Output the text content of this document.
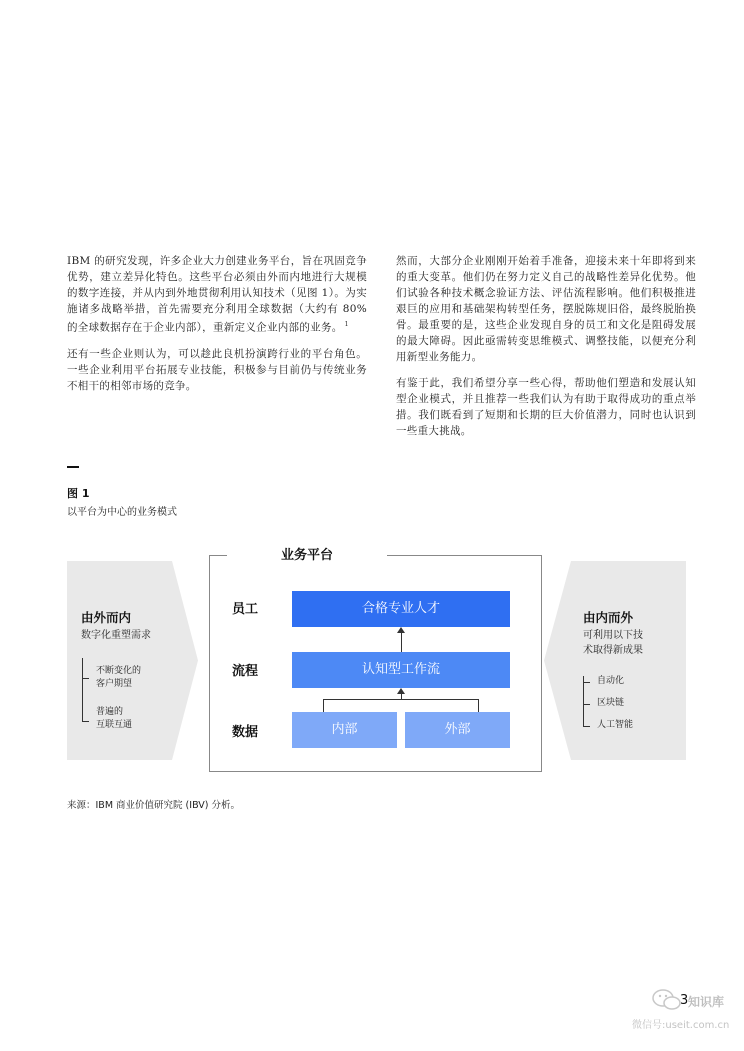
IBM 的研究发现，许多企业大力创建业务平台，旨在巩固竞争优势，建立差异化特色。这些平台必须由外而内地进行大规模的数字连接，并从内到外地贯彻利用认知技术（见图 1）。为实施诸多战略举措，首先需要充分利用全球数据（大约有 80% 的全球数据存在于企业内部），重新定义企业内部的业务。 $^1$

还有一些企业则认为，可以趁此良机扮演跨行业的平台角色。一些企业利用平台拓展专业技能，积极参与目前仍与传统业务不相干的相邻市场的竞争。

然而，大部分企业刚刚开始着手准备，迎接未来十年即将到来的重大变革。他们仍在努力定义自己的战略性差异化优势。他们试验各种技术概念验证方法、评估流程影响。他们积极推进艰巨的应用和基础架构转型任务，摆脱陈规旧俗，最终脱胎换骨。最重要的是，这些企业发现自身的员工和文化是阻碍发展的最大障碍。因此亟需转变思维模式、调整技能，以便充分利用新型业务能力。

有鉴于此，我们希望分享一些心得，帮助他们塑造和发展认知型企业模式，并且推荐一些我们认为有助于取得成功的重点举措。我们既看到了短期和长期的巨大价值潜力，同时也认识到一些重大挑战。

图 1
以平台为中心的业务模式
由外而内
数字化重塑需求
不断变化的
客户期望
普遍的
互联互通
由内而外
可利用以下技
术取得新成果
自动化
区块链
人工智能
业务平台
员工
流程
数据
合格专业人才
认知型工作流
内部	外部
来源：IBM 商业价值研究院 (IBV) 分析。
3 知识库
微信号:useit.com.cn
